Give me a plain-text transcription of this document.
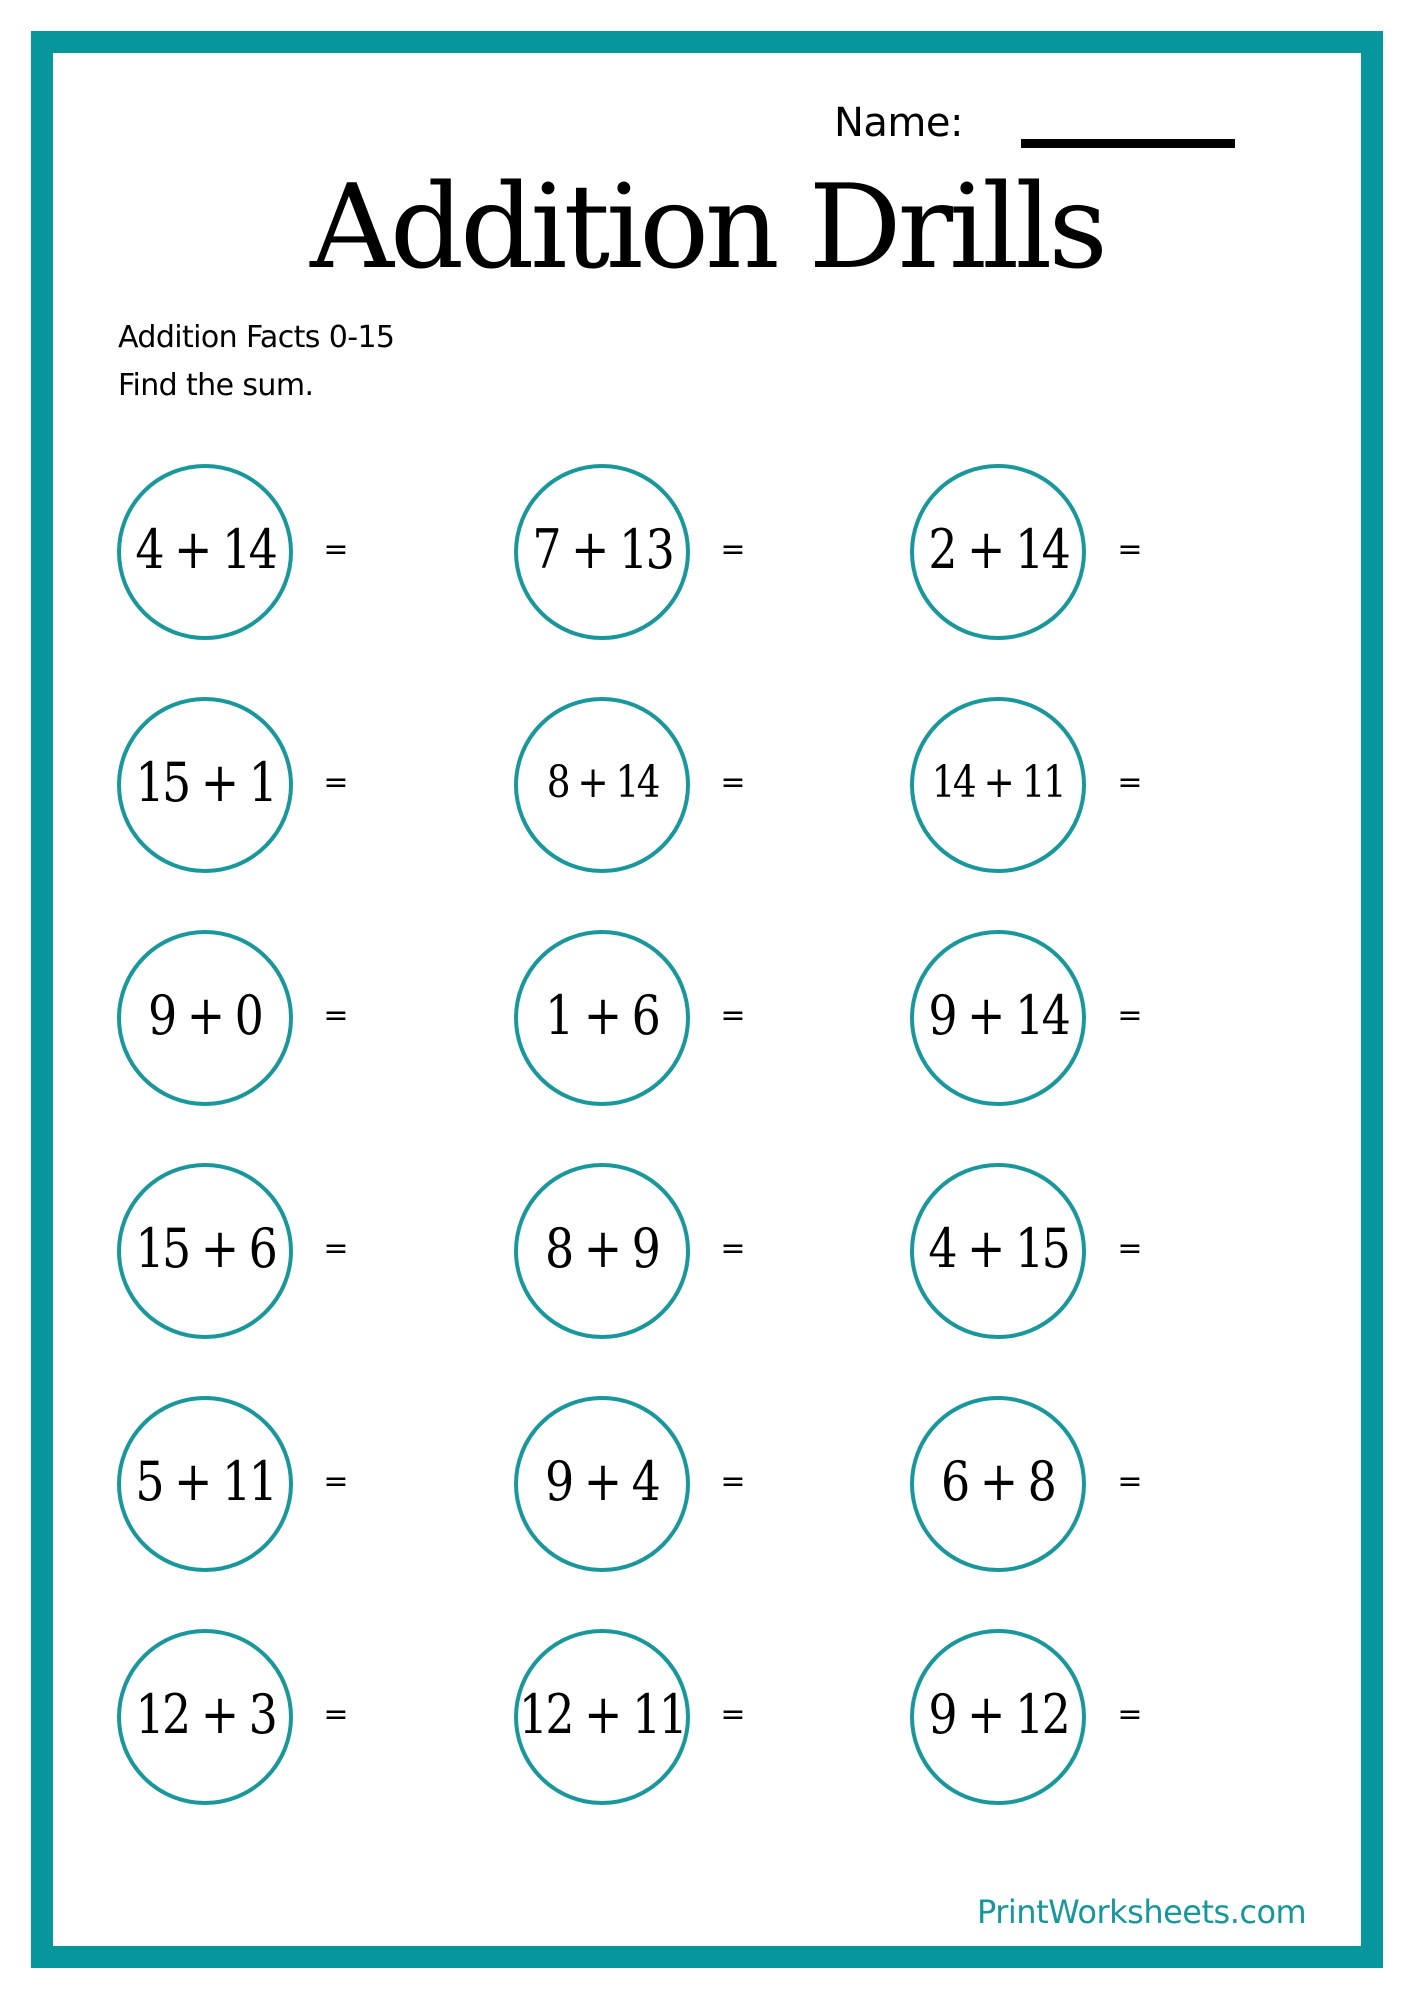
Name:
Addition Drills
Addition Facts 0-15
Find the sum.
4 + 14 =	7 + 13 =	2 + 14 =
15 + 1 =	8 + 14 =	14 + 11 =
9 + 0 =	1 + 6 =	9 + 14 =
15 + 6 =	8 + 9 =	4 + 15 =
5 + 11 =	9 + 4 =	6 + 8 =
12 + 3 =	12 + 11 =	9 + 12 =
PrintWorksheets.com
